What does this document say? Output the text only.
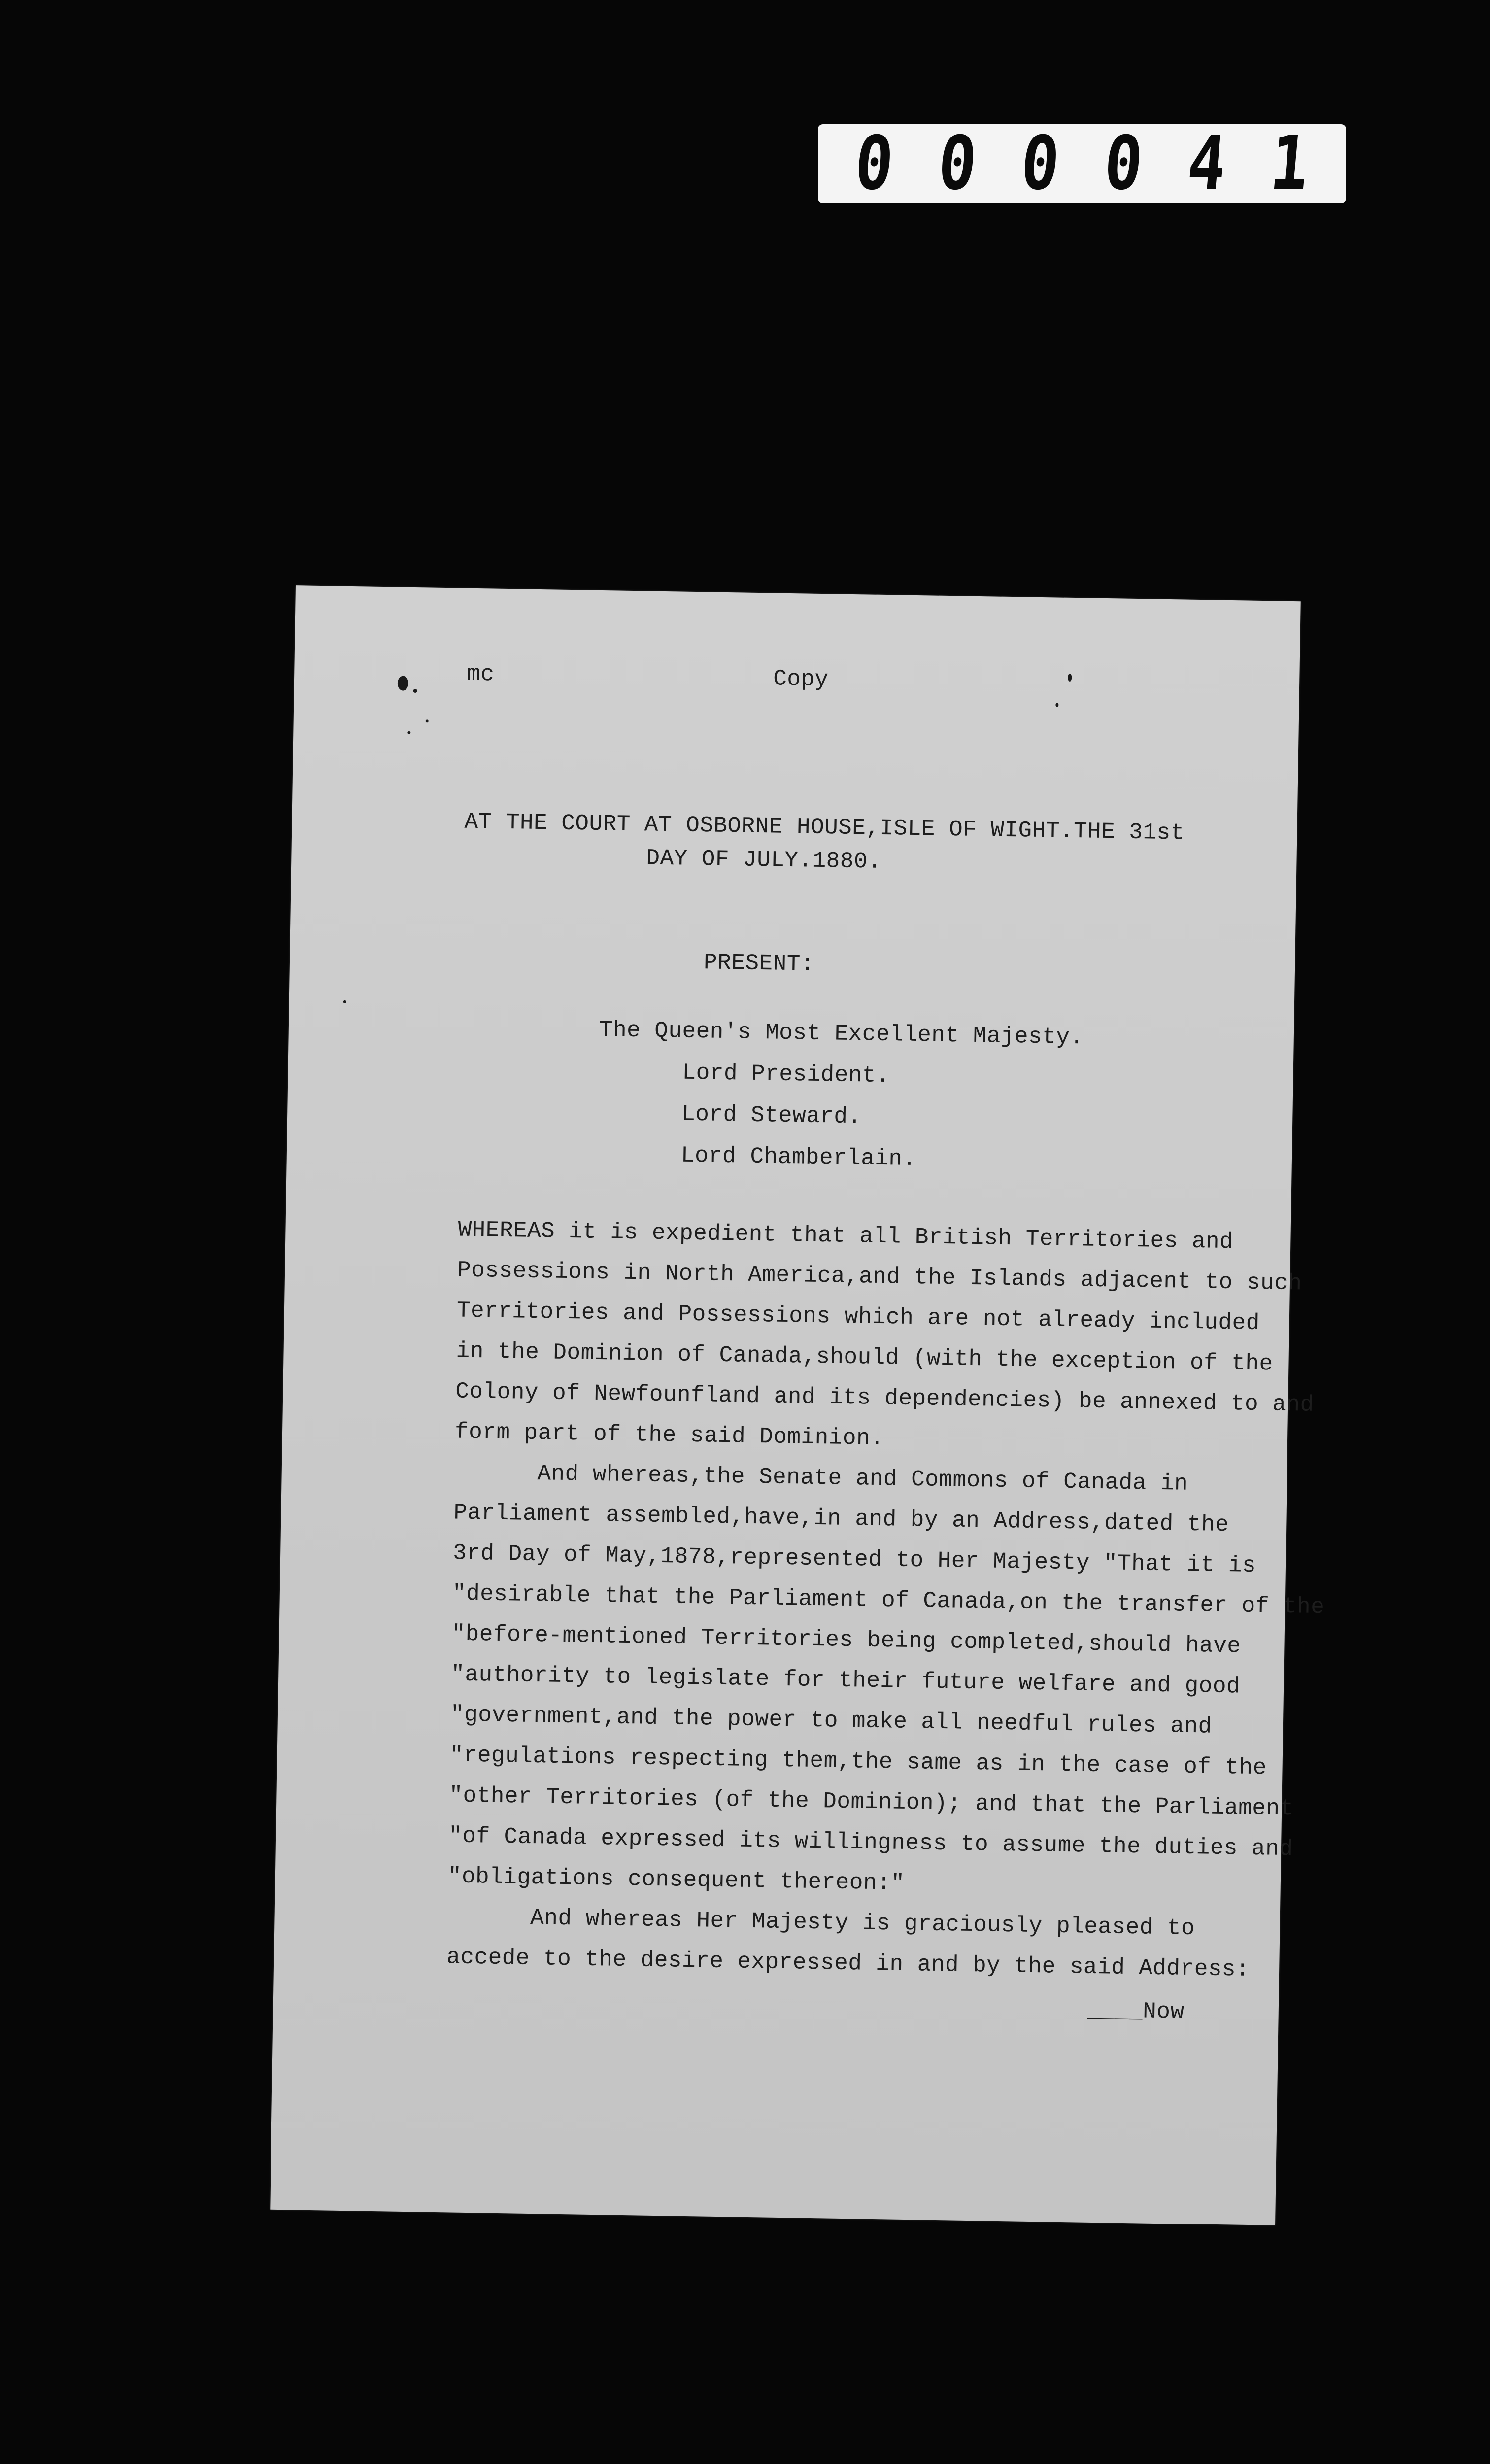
0 0 0 0 4 1
mc	Copy
AT THE COURT AT OSBORNE HOUSE,ISLE OF WIGHT.THE 31st
DAY OF JULY.1880.
PRESENT:
The Queen's Most Excellent Majesty.
Lord President.
Lord Steward.
Lord Chamberlain.
WHEREAS it is expedient that all British Territories and
Possessions in North America,and the Islands adjacent to such
Territories and Possessions which are not already included
in the Dominion of Canada,should (with the exception of the
Colony of Newfounfland and its dependencies) be annexed to and
form part of the said Dominion.
And whereas,the Senate and Commons of Canada in
Parliament assembled,have,in and by an Address,dated the
3rd Day of May,1878,represented to Her Majesty "That it is
"desirable that the Parliament of Canada,on the transfer of the
"before-mentioned Territories being completed,should have
"authority to legislate for their future welfare and good
"government,and the power to make all needful rules and
"regulations respecting them,the same as in the case of the
"other Territories (of the Dominion); and that the Parliament
"of Canada expressed its willingness to assume the duties and
"obligations consequent thereon:"
And whereas Her Majesty is graciously pleased to
accede to the desire expressed in and by the said Address:
____Now
